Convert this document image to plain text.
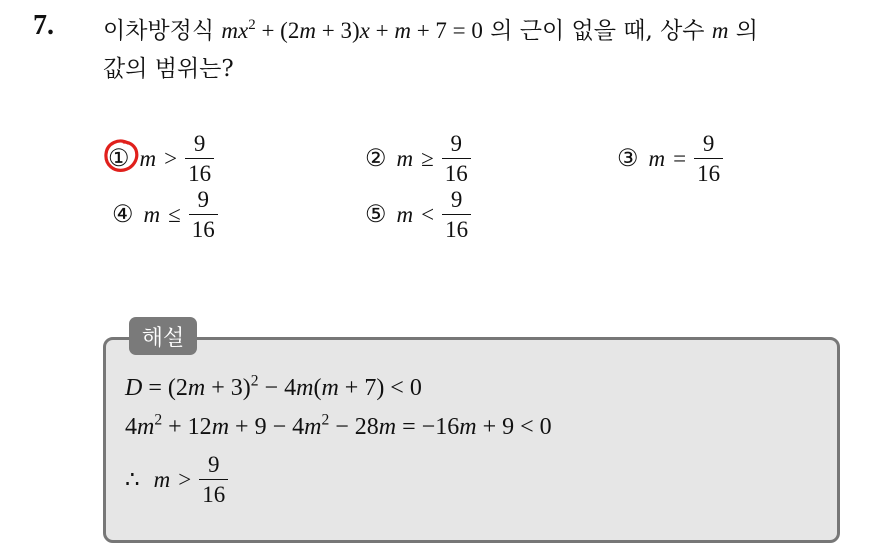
7. 이차방정식 $mx^2 + (2m + 3)x + m + 7 = 0$ 의 근이 없을 때, 상수 m 의
값의 범위는?
① $m > \frac{9}{16}$	② $m \ge \frac{9}{16}$	③ $m = \frac{9}{16}$
④ $m \le \frac{9}{16}$	⑤ $m < \frac{9}{16}$
해설
$D = (2m + 3)^2 - 4m(m + 7) < 0$
$4m^2 + 12m + 9 - 4m^2 - 28m = -16m + 9 < 0$
∴ $m > \frac{9}{16}$
